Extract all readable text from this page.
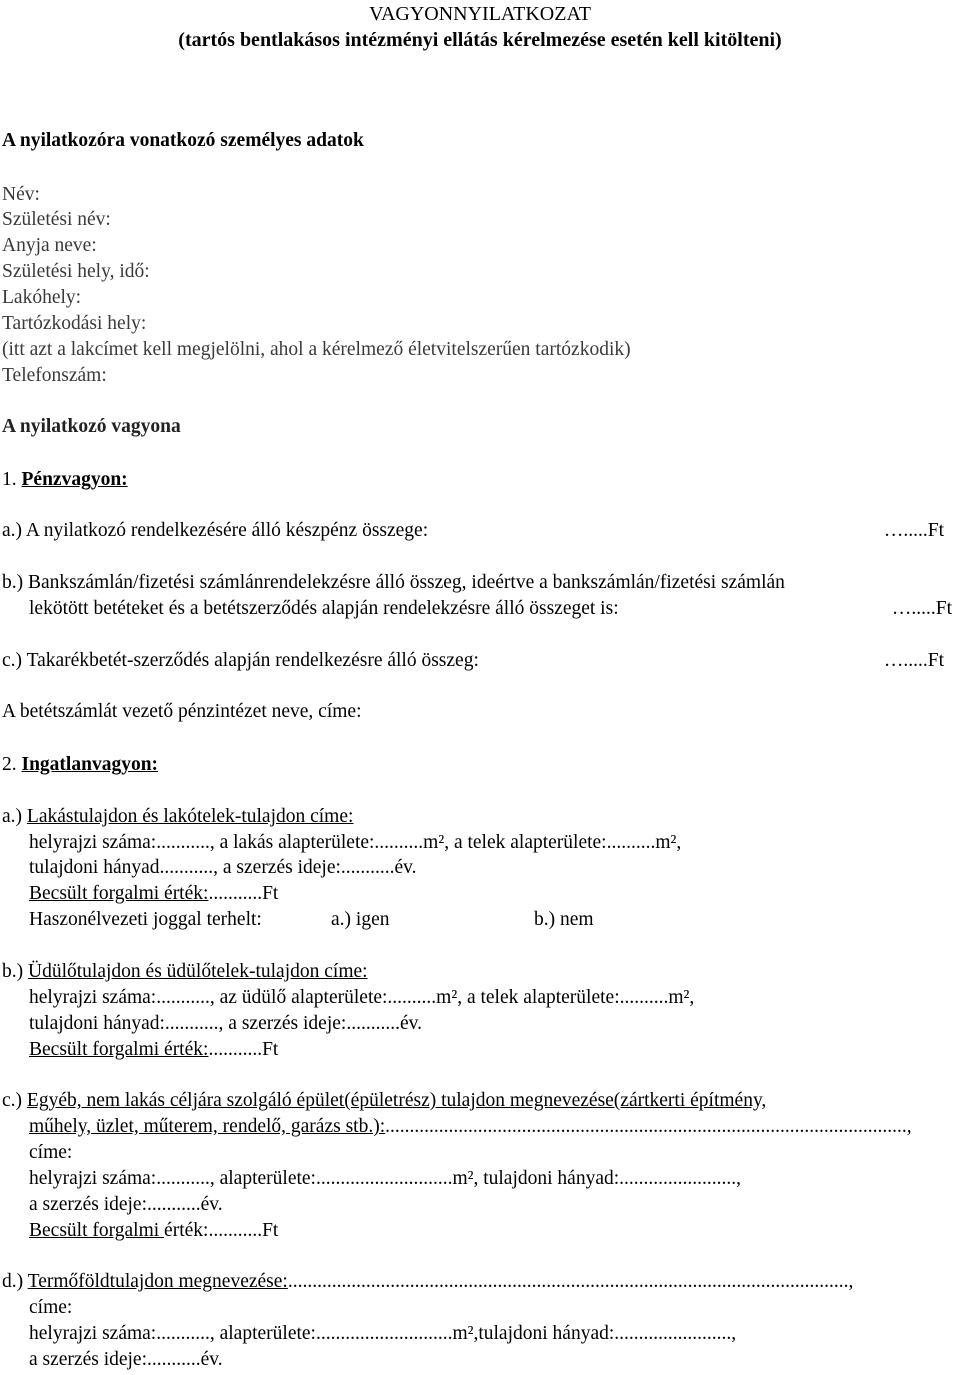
VAGYONNYILATKOZAT
(tartós bentlakásos intézményi ellátás kérelmezése esetén kell kitölteni)
A nyilatkozóra vonatkozó személyes adatok
Név:
Születési név:
Anyja neve:
Születési hely, idő:
Lakóhely:
Tartózkodási hely:
(itt azt a lakcímet kell megjelölni, ahol a kérelmező életvitelszerűen tartózkodik)
Telefonszám:
A nyilatkozó vagyona
1. Pénzvagyon:
a.) A nyilatkozó rendelkezésére álló készpénz összege:	….....Ft
b.) Bankszámlán/fizetési számlánrendelekzésre álló összeg, ideértve a bankszámlán/fizetési számlán
lekötött betéteket és a betétszerződés alapján rendelekzésre álló összeget is:	….....Ft
c.) Takarékbetét-szerződés alapján rendelkezésre álló összeg:	….....Ft
A betétszámlát vezető pénzintézet neve, címe:
2. Ingatlanvagyon:
a.) Lakástulajdon és lakótelek-tulajdon címe:
helyrajzi száma:..........., a lakás alapterülete:..........m², a telek alapterülete:..........m²,
tulajdoni hányad..........., a szerzés ideje:...........év.
Becsült forgalmi érték:...........Ft
Haszonélvezeti joggal terhelt:	a.) igen	b.) nem
b.) Üdülőtulajdon és üdülőtelek-tulajdon címe:
helyrajzi száma:..........., az üdülő alapterülete:..........m², a telek alapterülete:..........m²,
tulajdoni hányad:..........., a szerzés ideje:...........év.
Becsült forgalmi érték:...........Ft
c.) Egyéb, nem lakás céljára szolgáló épület(épületrész) tulajdon megnevezése(zártkerti építmény,
műhely, üzlet, műterem, rendelő, garázs stb.):...........................................................................................................,
címe:
helyrajzi száma:..........., alapterülete:............................m², tulajdoni hányad:........................,
a szerzés ideje:...........év.
Becsült forgalmi érték:...........Ft
d.) Termőföldtulajdon megnevezése:...................................................................................................................,
címe:
helyrajzi száma:..........., alapterülete:............................m²,tulajdoni hányad:........................,
a szerzés ideje:...........év.
